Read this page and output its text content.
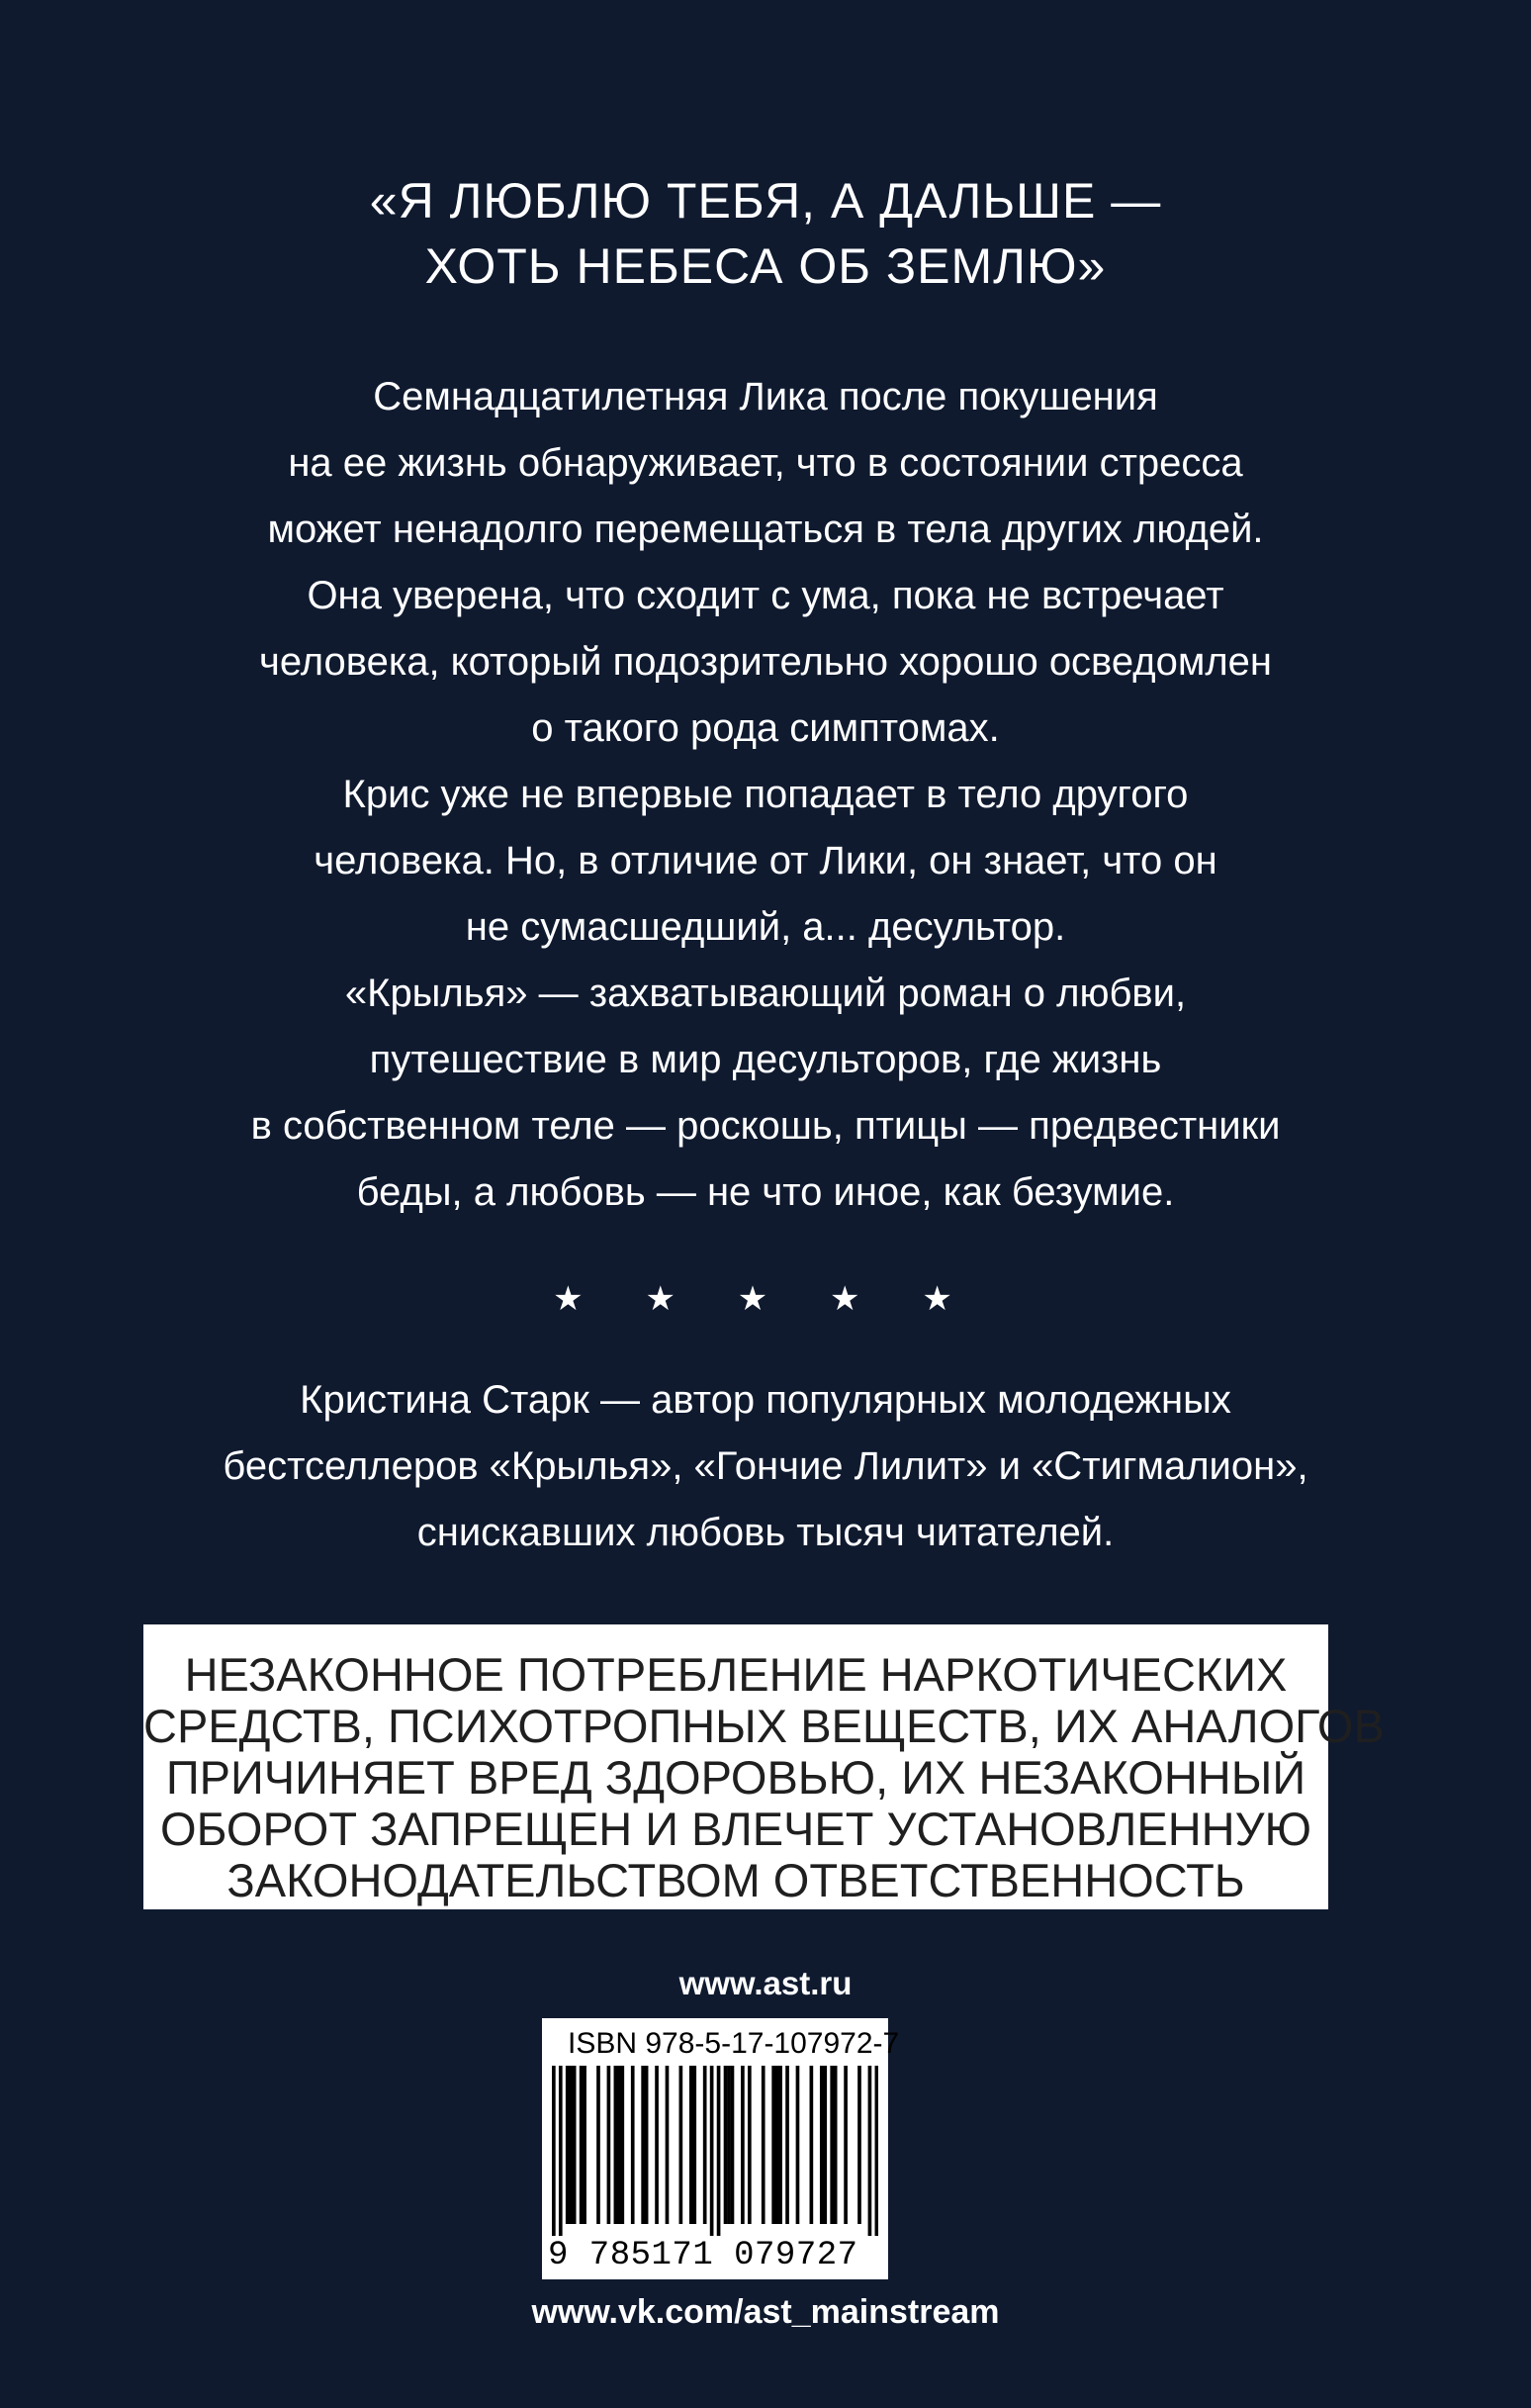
«Я ЛЮБЛЮ ТЕБЯ, А ДАЛЬШЕ —
ХОТЬ НЕБЕСА ОБ ЗЕМЛЮ»
Семнадцатилетняя Лика после покушения
на ее жизнь обнаруживает, что в состоянии стресса
может ненадолго перемещаться в тела других людей.
Она уверена, что сходит с ума, пока не встречает
человека, который подозрительно хорошо осведомлен
о такого рода симптомах.
Крис уже не впервые попадает в тело другого
человека. Но, в отличие от Лики, он знает, что он
не сумасшедший, а... десультор.
«Крылья» — захватывающий роман о любви,
путешествие в мир десульторов, где жизнь
в собственном теле — роскошь, птицы — предвестники
беды, а любовь — не что иное, как безумие.
★ ★ ★ ★ ★
Кристина Старк — автор популярных молодежных
бестселлеров «Крылья», «Гончие Лилит» и «Стигмалион»,
снискавших любовь тысяч читателей.
НЕЗАКОННОЕ ПОТРЕБЛЕНИЕ НАРКОТИЧЕСКИХ
СРЕДСТВ, ПСИХОТРОПНЫХ ВЕЩЕСТВ, ИХ АНАЛОГОВ
ПРИЧИНЯЕТ ВРЕД ЗДОРОВЬЮ, ИХ НЕЗАКОННЫЙ
ОБОРОТ ЗАПРЕЩЕН И ВЛЕЧЕТ УСТАНОВЛЕННУЮ
ЗАКОНОДАТЕЛЬСТВОМ ОТВЕТСТВЕННОСТЬ
www.ast.ru
ISBN 978-5-17-107972-7
9 785171 079727
www.vk.com/ast_mainstream
